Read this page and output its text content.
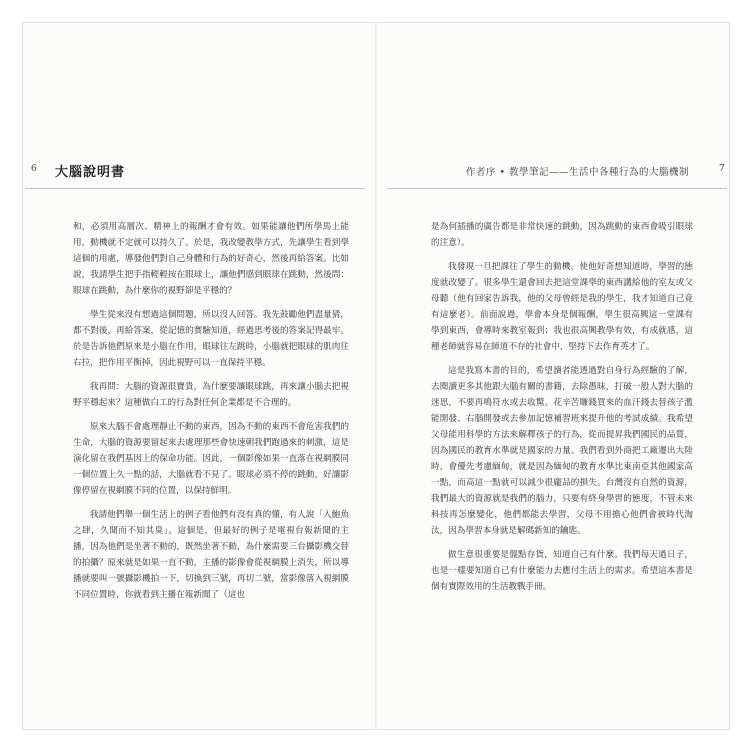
6 大腦說明書	作者序 • 教學筆記——生活中各種行為的大腦機制	7

和，必須用高層次、精神上的報酬才會有效。如果能讓他們所學馬上能用，動機就不定就可以持久了。於是，我改變教學方式，先讓學生看到學這個的用處，導發他們對自己身體和行為的好奇心，然後再給答案。比如說，我請學生把手指輕輕按在眼球上，讓他們感到眼球在跳動，然後問：眼球在跳動，為什麼你的視野卻是平穩的？

學生從來沒有想過這個問題，所以沒人回答。我先鼓勵他們盡量猜，都不對後，再給答案，從記憶的實驗知道，經過思考後的答案記得最牢。於是告訴他們原來是小腦在作用，眼球往左跳時，小腦就把眼球的肌肉往右拉，把作用平衡掉，因此視野可以一直保持平穩。

我再問：大腦的資源很寶貴，為什麼要讓眼球跳，再來讓小腦去把視野平穩起來？這種做白工的行為對任何企業都是不合理的。

原來大腦不會處理靜止不動的東西，因為不動的東西不會危害我們的生命，大腦的資源要留起來去處理那些會快速朝我們跑過來的刺激，這是演化留在我們基因上的保命功能。因此，一個影像如果一直落在視網膜同一個位置上久一點的話，大腦就看不見了。眼球必須不停的跳動，好讓影像停留在視網膜不同的位置，以保持鮮明。

我請他們舉一個生活上的例子看他們有沒有真的懂，有人說「入鮑魚之肆，久聞而不知其臭」。這個是，但最好的例子是電視台報新聞的主播，因為他們是坐著不動的，既然坐著不動，為什麼需要三台攝影機交替的拍攝？原來就是如果一直不動，主播的影像會從視網膜上消失，所以導播就要叫一號攝影機拍一下，切換到三號，再切二號，當影像落入視網膜不同位置時，你就看到主播在報新聞了（這也

是為何插播的廣告都是非常快速的跳動，因為跳動的東西會吸引眼球的注意）。

我發現一旦把課往了學生的動機，使他好奇想知道時，學習的態度就改變了。很多學生還會回去把這堂課學的東西講給他的室友或父母聽（他有回家告訴我，他的父母曾經是我的學生，我才知道自己竟有這麼老）。前面說過，學會本身是個報酬，學生很高興這一堂課有學到東西，會導時來教室報到；我也很高興教學有效，有成就感，這種老師就容易在師道不存的社會中，堅持下去作育英才了。

這是我寫本書的目的，希望讀者能透過對自身行為經驗的了解，去閱讀更多其他跟大腦有關的書籍，去除愚昧，打破一般人對大腦的迷思，不要再鳴符水或去收驚。花辛苦賺錢買來的血汗錢去替孩子濫能開發、右腦開發或去參加記憶補習班來提升他的考試成績。我希望父母能用科學的方法來解釋孩子的行為，從而提昇我們國民的品質，因為國民的教育水準就是國家的力量。我們看到外商把工廠遷出大陸時，會優先考慮緬甸，就是因為緬甸的教育水準比東南亞其他國家高一點，而高這一點就可以減少很龐品的損失。台灣沒有自然的資源，我們最大的資源就是我們的腦力，只要有終身學習的態度，不管未來科技再怎麼變化，他們都能去學習，父母不用擔心他們會被時代淘汰，因為學習本身就是解碼新知的鑰匙。

做生意很重要是盤點存貨，知道自己有什麼。我們每天過日子，也是一樣要知道自己有什麼能力去應付生活上的需求。希望這本書是個有實際效用的生活教戰手冊。
